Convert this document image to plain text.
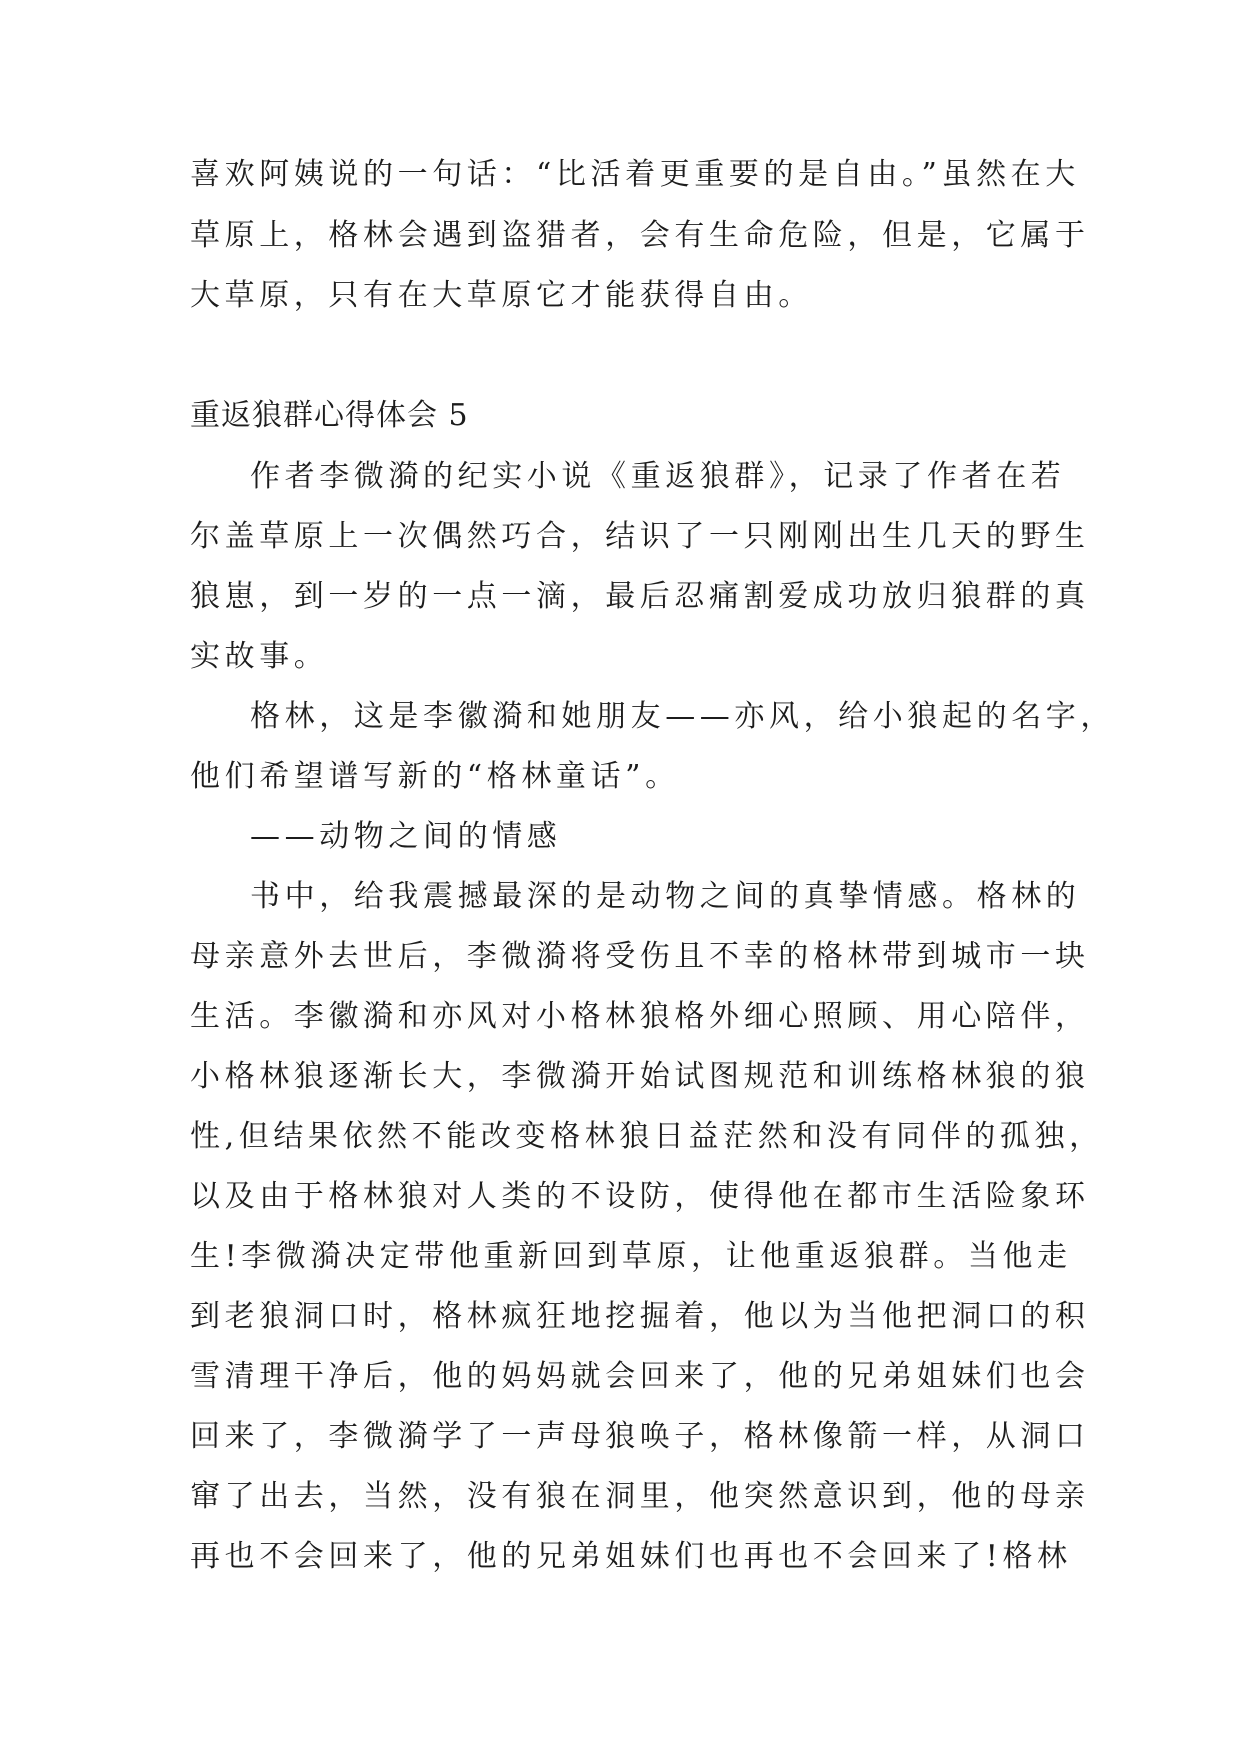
喜欢阿姨说的一句话：“比活着更重要的是自由。”虽然在大
草原上，格林会遇到盗猎者，会有生命危险，但是，它属于
大草原，只有在大草原它才能获得自由。
重返狼群心得体会 5
作者李微漪的纪实小说《重返狼群》，记录了作者在若
尔盖草原上一次偶然巧合，结识了一只刚刚出生几天的野生
狼崽，到一岁的一点一滴，最后忍痛割爱成功放归狼群的真
实故事。
格林，这是李徽漪和她朋友——亦风，给小狼起的名字，
他们希望谱写新的“格林童话”。
——动物之间的情感
书中，给我震撼最深的是动物之间的真挚情感。格林的
母亲意外去世后，李微漪将受伤且不幸的格林带到城市一块
生活。李徽漪和亦风对小格林狼格外细心照顾、用心陪伴，
小格林狼逐渐长大，李微漪开始试图规范和训练格林狼的狼
性,但结果依然不能改变格林狼日益茫然和没有同伴的孤独，
以及由于格林狼对人类的不设防，使得他在都市生活险象环
生!李微漪决定带他重新回到草原，让他重返狼群。当他走
到老狼洞口时，格林疯狂地挖掘着，他以为当他把洞口的积
雪清理干净后，他的妈妈就会回来了，他的兄弟姐妹们也会
回来了，李微漪学了一声母狼唤子，格林像箭一样，从洞口
窜了出去，当然，没有狼在洞里，他突然意识到，他的母亲
再也不会回来了，他的兄弟姐妹们也再也不会回来了!格林
